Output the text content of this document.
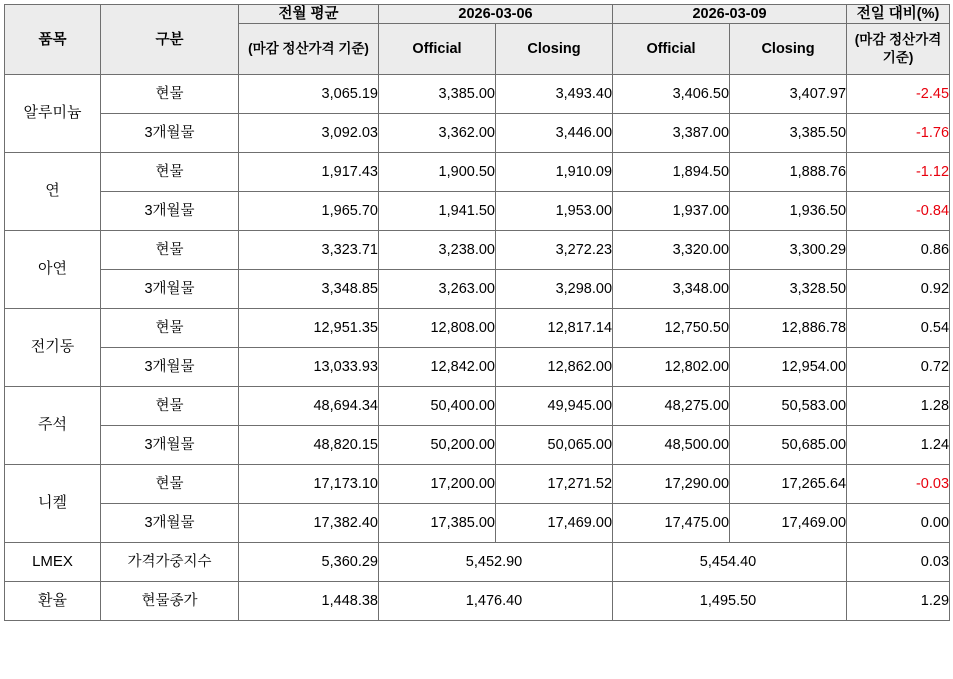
품목	구분	전월 평균	2026-03-06		2026-03-09		전일 대비(%)

		(마감 정산가격 기준)	Official	Closing	Official	Closing	(마감 정산가격 기준)

알루미늄	현물	3,065.19	3,385.00	3,493.40	3,406.50	3,407.97	-2.45
	3개월물	3,092.03	3,362.00	3,446.00	3,387.00	3,385.50	-1.76
연	현물	1,917.43	1,900.50	1,910.09	1,894.50	1,888.76	-1.12
	3개월물	1,965.70	1,941.50	1,953.00	1,937.00	1,936.50	-0.84
아연	현물	3,323.71	3,238.00	3,272.23	3,320.00	3,300.29	0.86
	3개월물	3,348.85	3,263.00	3,298.00	3,348.00	3,328.50	0.92
전기동	현물	12,951.35	12,808.00	12,817.14	12,750.50	12,886.78	0.54
	3개월물	13,033.93	12,842.00	12,862.00	12,802.00	12,954.00	0.72
주석	현물	48,694.34	50,400.00	49,945.00	48,275.00	50,583.00	1.28
	3개월물	48,820.15	50,200.00	50,065.00	48,500.00	50,685.00	1.24
니켈	현물	17,173.10	17,200.00	17,271.52	17,290.00	17,265.64	-0.03
	3개월물	17,382.40	17,385.00	17,469.00	17,475.00	17,469.00	0.00
LMEX	가격가중지수	5,360.29	5,452.90		5,454.40		0.03
환율	현물종가	1,448.38	1,476.40		1,495.50		1.29
